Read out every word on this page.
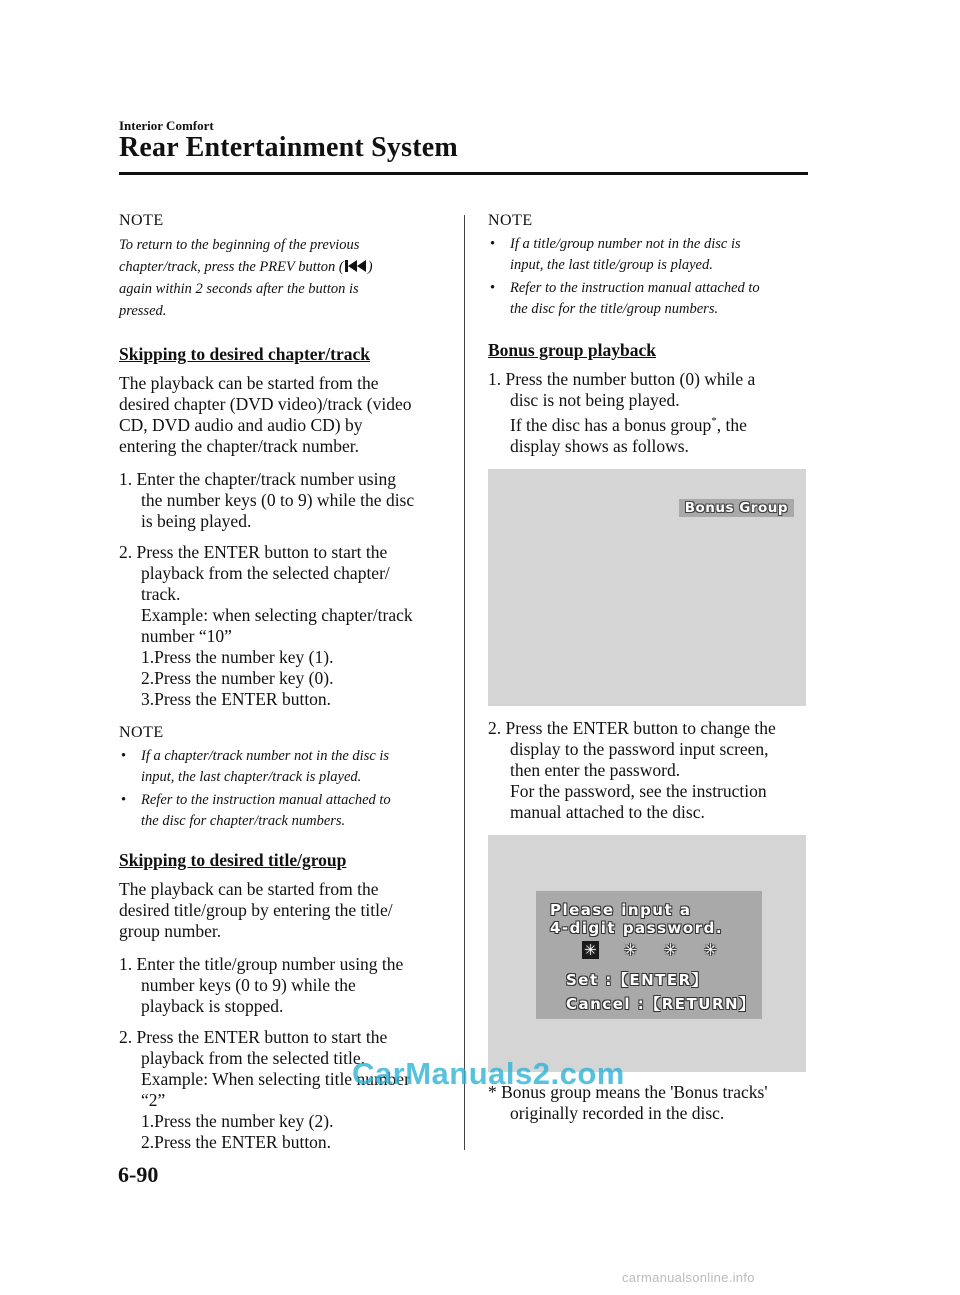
Interior Comfort
Rear Entertainment System

NOTE

To return to the beginning of the previous
chapter/track, press the PREV button ( )
again within 2 seconds after the button is
pressed.

Skipping to desired chapter/track

The playback can be started from the
desired chapter (DVD video)/track (video
CD, DVD audio and audio CD) by
entering the chapter/track number.

1. Enter the chapter/track number using
the number keys (0 to 9) while the disc
is being played.

2. Press the ENTER button to start the
playback from the selected chapter/
track.
Example: when selecting chapter/track
number “10”
1.Press the number key (1).
2.Press the number key (0).
3.Press the ENTER button.

NOTE

• If a chapter/track number not in the disc is
input, the last chapter/track is played.

• Refer to the instruction manual attached to
the disc for chapter/track numbers.

Skipping to desired title/group

The playback can be started from the
desired title/group by entering the title/
group number.

1. Enter the title/group number using the
number keys (0 to 9) while the
playback is stopped.

2. Press the ENTER button to start the
playback from the selected title.
Example: When selecting title number
“2”
1.Press the number key (2).
2.Press the ENTER button.

NOTE

• If a title/group number not in the disc is
input, the last title/group is played.

• Refer to the instruction manual attached to
the disc for the title/group numbers.

Bonus group playback

1. Press the number button (0) while a
disc is not being played.
If the disc has a bonus group*, the
display shows as follows.

Bonus Group

2. Press the ENTER button to change the
display to the password input screen,
then enter the password.
For the password, see the instruction
manual attached to the disc.

Please input a
4-digit password.
✳ ✳ ✳ ✳
Set :【ENTER】
Cancel :【RETURN】

* Bonus group means the 'Bonus tracks'
originally recorded in the disc.

6-90
CarManuals2.com
carmanualsonline.info
